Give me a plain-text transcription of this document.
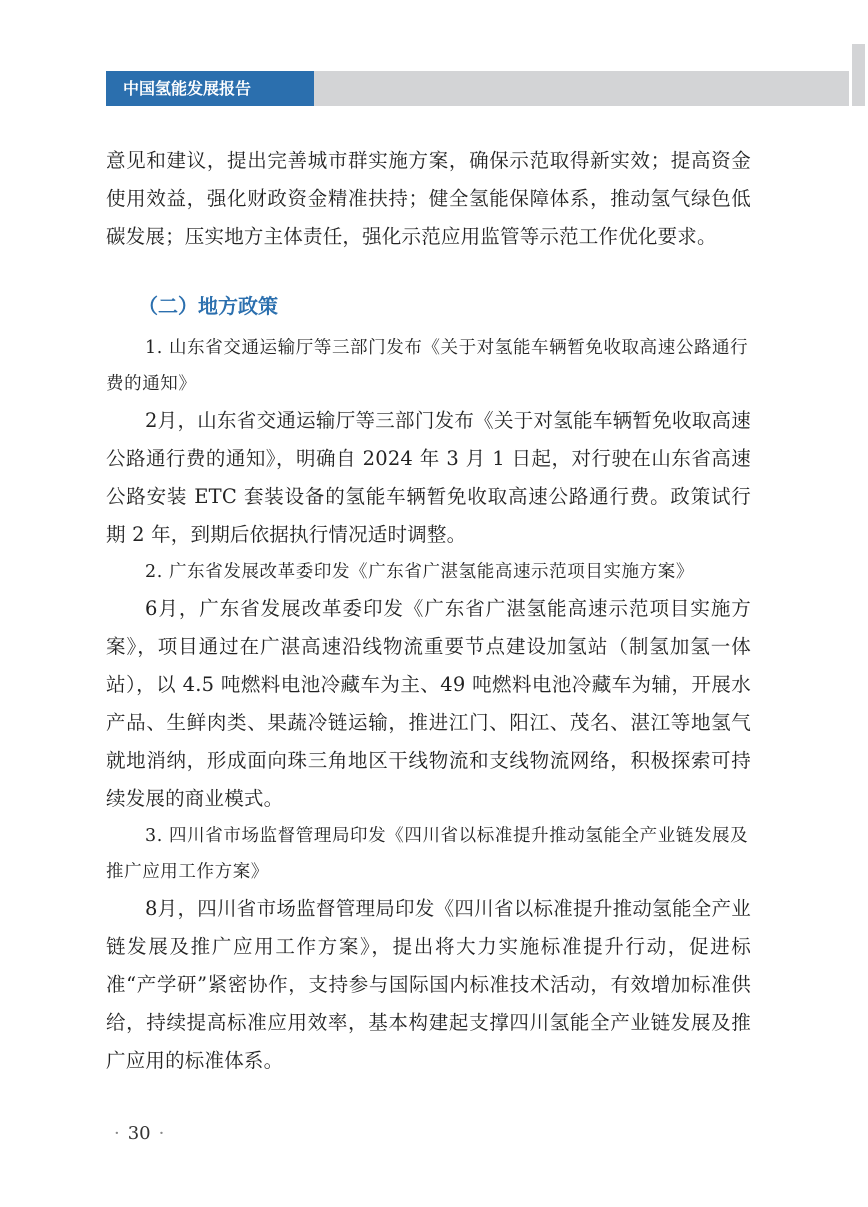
中国氢能发展报告

意见和建议，提出完善城市群实施方案，确保示范取得新实效；提高资金使用效益，强化财政资金精准扶持；健全氢能保障体系，推动氢气绿色低碳发展；压实地方主体责任，强化示范应用监管等示范工作优化要求。

（二）地方政策

1. 山东省交通运输厅等三部门发布《关于对氢能车辆暂免收取高速公路通行费的通知》

2月，山东省交通运输厅等三部门发布《关于对氢能车辆暂免收取高速公路通行费的通知》，明确自 2024 年 3 月 1 日起，对行驶在山东省高速公路安装 ETC 套装设备的氢能车辆暂免收取高速公路通行费。政策试行期 2 年，到期后依据执行情况适时调整。

2. 广东省发展改革委印发《广东省广湛氢能高速示范项目实施方案》

6月，广东省发展改革委印发《广东省广湛氢能高速示范项目实施方案》，项目通过在广湛高速沿线物流重要节点建设加氢站（制氢加氢一体站），以 4.5 吨燃料电池冷藏车为主、49 吨燃料电池冷藏车为辅，开展水产品、生鲜肉类、果蔬冷链运输，推进江门、阳江、茂名、湛江等地氢气就地消纳，形成面向珠三角地区干线物流和支线物流网络，积极探索可持续发展的商业模式。

3. 四川省市场监督管理局印发《四川省以标准提升推动氢能全产业链发展及推广应用工作方案》

8月，四川省市场监督管理局印发《四川省以标准提升推动氢能全产业链发展及推广应用工作方案》，提出将大力实施标准提升行动，促进标准“产学研”紧密协作，支持参与国际国内标准技术活动，有效增加标准供给，持续提高标准应用效率，基本构建起支撑四川氢能全产业链发展及推广应用的标准体系。

· 30 ·
